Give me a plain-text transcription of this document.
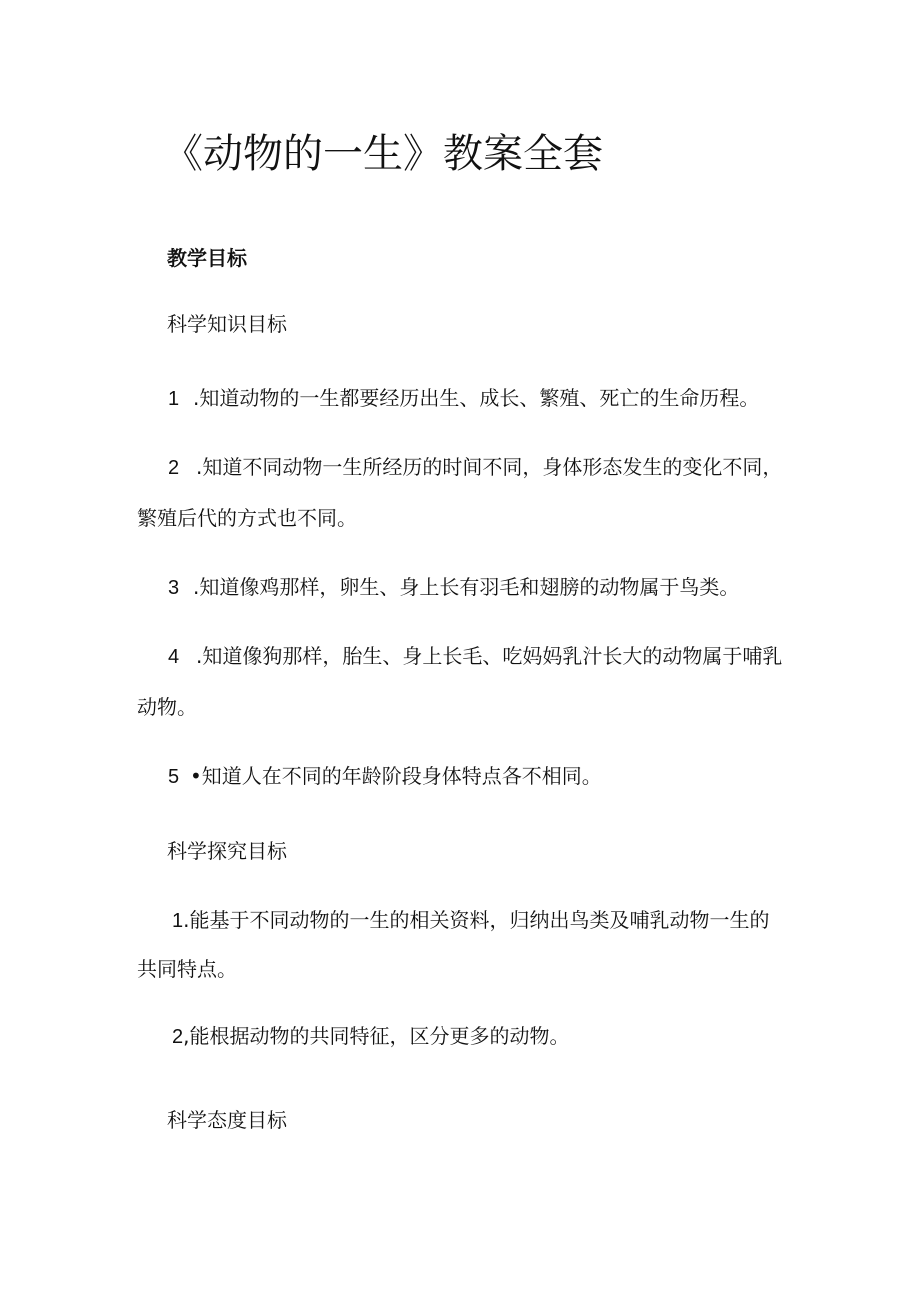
《动物的一生》教案全套

教学目标

科学知识目标

1 .知道动物的一生都要经历出生、成长、繁殖、死亡的生命历程。

2 .知道不同动物一生所经历的时间不同，身体形态发生的变化不同，

繁殖后代的方式也不同。

3 .知道像鸡那样，卵生、身上长有羽毛和翅膀的动物属于鸟类。

4 .知道像狗那样，胎生、身上长毛、吃妈妈乳汁长大的动物属于哺乳

动物。

5 •知道人在不同的年龄阶段身体特点各不相同。

科学探究目标

1.能基于不同动物的一生的相关资料，归纳出鸟类及哺乳动物一生的

共同特点。

2,能根据动物的共同特征，区分更多的动物。

科学态度目标
